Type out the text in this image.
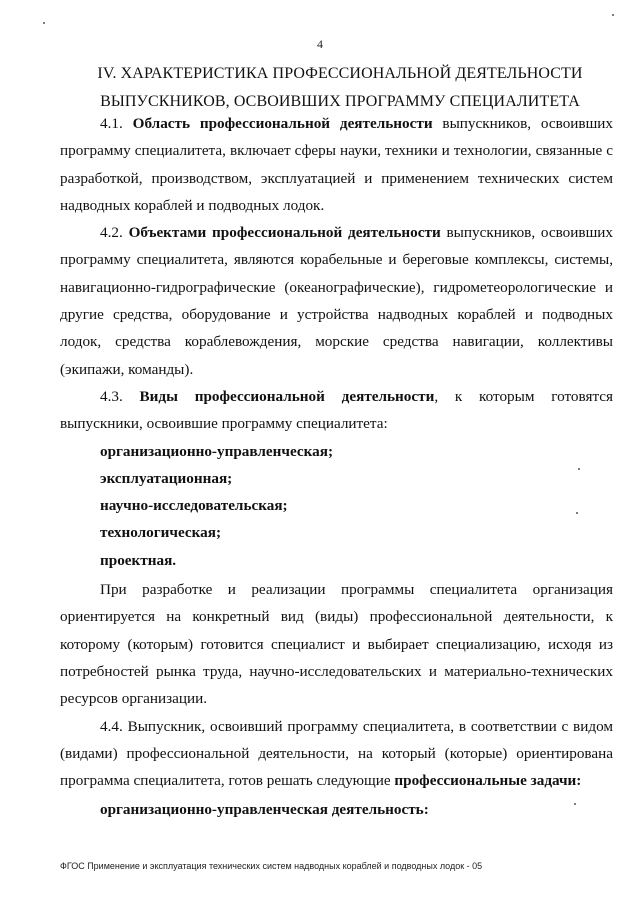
4
IV. ХАРАКТЕРИСТИКА ПРОФЕССИОНАЛЬНОЙ ДЕЯТЕЛЬНОСТИ
ВЫПУСКНИКОВ, ОСВОИВШИХ ПРОГРАММУ СПЕЦИАЛИТЕТА

4.1. Область профессиональной деятельности выпускников, освоивших программу специалитета, включает сферы науки, техники и технологии, связанные с разработкой, производством, эксплуатацией и применением технических систем надводных кораблей и подводных лодок.

4.2. Объектами профессиональной деятельности выпускников, освоивших программу специалитета, являются корабельные и береговые комплексы, системы, навигационно-гидрографические (океанографические), гидрометеорологические и другие средства, оборудование и устройства надводных кораблей и подводных лодок, средства кораблевождения, морские средства навигации, коллективы (экипажи, команды).

4.3. Виды профессиональной деятельности, к которым готовятся выпускники, освоившие программу специалитета:

организационно-управленческая;

эксплуатационная;

научно-исследовательская;

технологическая;

проектная.

При разработке и реализации программы специалитета организация ориентируется на конкретный вид (виды) профессиональной деятельности, к которому (которым) готовится специалист и выбирает специализацию, исходя из потребностей рынка труда, научно-исследовательских и материально-технических ресурсов организации.

4.4. Выпускник, освоивший программу специалитета, в соответствии с видом (видами) профессиональной деятельности, на который (которые) ориентирована программа специалитета, готов решать следующие профессиональные задачи:

организационно-управленческая деятельность:

ФГОС Применение и эксплуатация технических систем надводных кораблей и подводных лодок - 05
